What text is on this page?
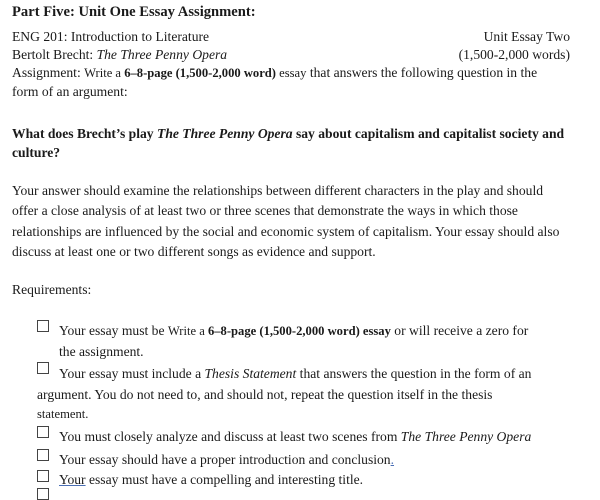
Part Five: Unit One Essay Assignment:
ENG 201: Introduction to Literature	Unit Essay Two
Bertolt Brecht: The Three Penny Opera	(1,500-2,000 words)
Assignment: Write a 6–8-page (1,500-2,000 word) essay that answers the following question in the
form of an argument:
What does Brecht’s play The Three Penny Opera say about capitalism and capitalist society and culture?
Your answer should examine the relationships between different characters in the play and should offer a close analysis of at least two or three scenes that demonstrate the ways in which those relationships are influenced by the social and economic system of capitalism. Your essay should also discuss at least one or two different songs as evidence and support.
Requirements:
Your essay must be Write a 6–8-page (1,500-2,000 word) essay or will receive a zero for
the assignment.
Your essay must include a Thesis Statement that answers the question in the form of an
argument. You do not need to, and should not, repeat the question itself in the thesis
statement.
You must closely analyze and discuss at least two scenes from The Three Penny Opera
Your essay should have a proper introduction and conclusion.
Your essay must have a compelling and interesting title.
